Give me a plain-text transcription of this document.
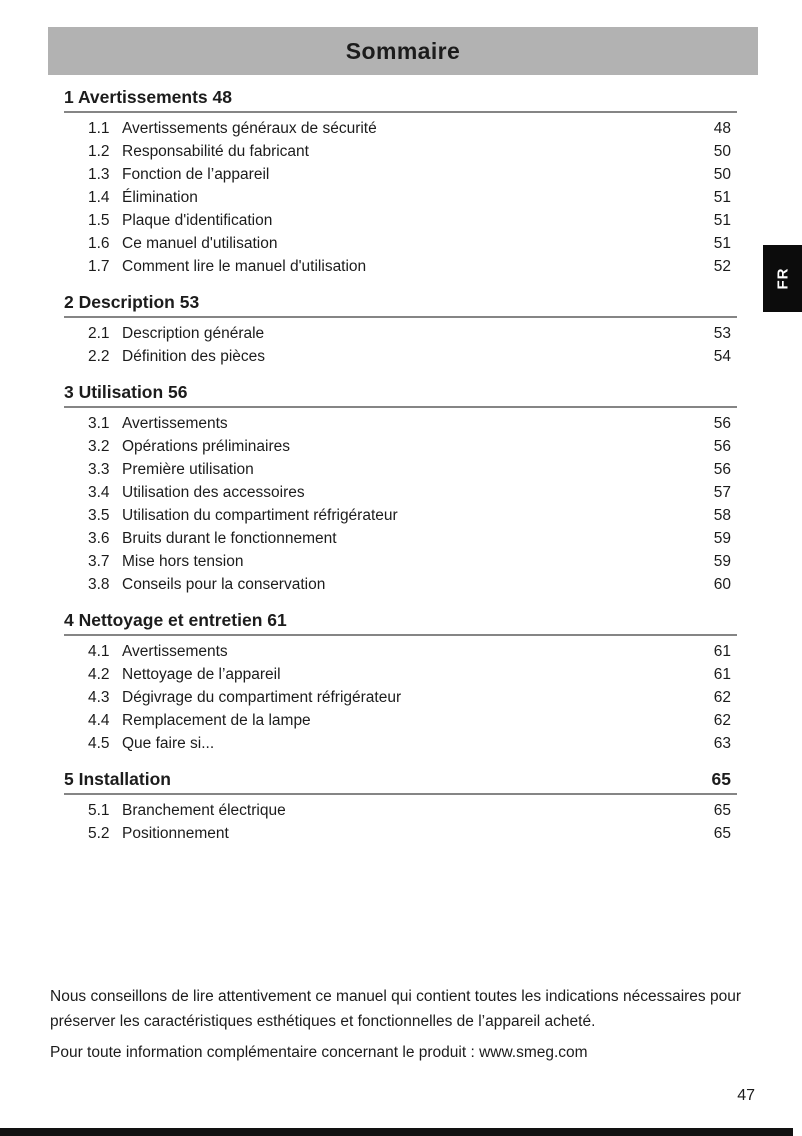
Sommaire
FR
1 Avertissements 48
1.1 Avertissements généraux de sécurité	48
1.2 Responsabilité du fabricant	50
1.3 Fonction de l’appareil	50
1.4 Élimination	51
1.5 Plaque d'identification	51
1.6 Ce manuel d'utilisation	51
1.7 Comment lire le manuel d'utilisation	52
2 Description 53
2.1 Description générale	53
2.2 Définition des pièces	54
3 Utilisation 56
3.1 Avertissements	56
3.2 Opérations préliminaires	56
3.3 Première utilisation	56
3.4 Utilisation des accessoires	57
3.5 Utilisation du compartiment réfrigérateur	58
3.6 Bruits durant le fonctionnement	59
3.7 Mise hors tension	59
3.8 Conseils pour la conservation	60
4 Nettoyage et entretien 61
4.1 Avertissements	61
4.2 Nettoyage de l’appareil	61
4.3 Dégivrage du compartiment réfrigérateur	62
4.4 Remplacement de la lampe	62
4.5 Que faire si...	63
5 Installation	65
5.1 Branchement électrique	65
5.2 Positionnement	65
Nous conseillons de lire attentivement ce manuel qui contient toutes les indications nécessaires pour préserver les caractéristiques esthétiques et fonctionnelles de l’appareil acheté.
Pour toute information complémentaire concernant le produit : www.smeg.com
47
